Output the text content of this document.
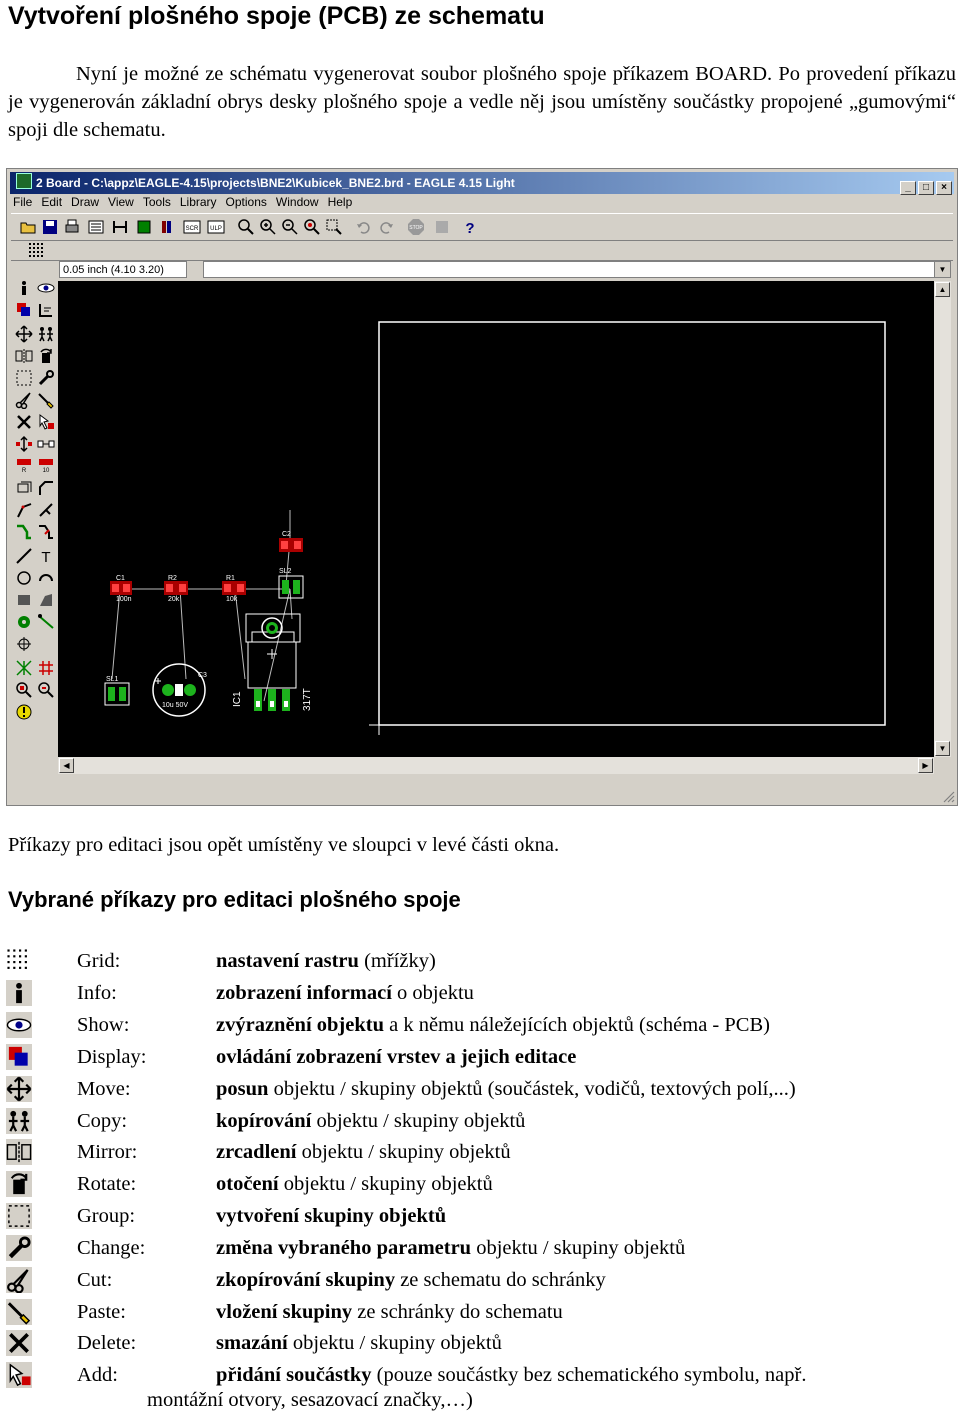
Vytvoření plošného spoje (PCB) ze schematu

Nyní je možné ze schématu vygenerovat soubor plošného spoje příkazem BOARD. Po provedení příkazu je vygenerován základní obrys desky plošného spoje a vedle něj jsou umístěny součástky propojené „gumovými“ spoji dle schematu.

2 Board - C:\appz\EAGLE-4.15\projects\BNE2\Kubicek_BNE2.brd - EAGLE 4.15 Light	_ □ ×
File Edit Draw View Tools Library Options Window Help
SCR ULP	STOP	?
0.05 inch (4.10 3.20)	▼
R	10
T
C1
100n
R2
20k
R1
10k
C2
SL2
IC1	317T
C3
10u 50V
SL1
▲
▼
◀	▶

Příkazy pro editaci jsou opět umístěny ve sloupci v levé části okna.

Vybrané příkazy pro editaci plošného spoje
Grid:	nastavení rastru (mřížky)
Info:	zobrazení informací o objektu
Show:	zvýraznění objektu a k němu náležejících objektů (schéma - PCB)
Display:	ovládání zobrazení vrstev a jejich editace
Move:	posun objektu / skupiny objektů (součástek, vodičů, textových polí,...)
Copy:	kopírování objektu / skupiny objektů
Mirror:	zrcadlení objektu / skupiny objektů
Rotate:	otočení objektu / skupiny objektů
Group:	vytvoření skupiny objektů
Change:	změna vybraného parametru objektu / skupiny objektů
Cut:	zkopírování skupiny ze schematu do schránky
Paste:	vložení skupiny ze schránky do schematu
Delete:	smazání objektu / skupiny objektů
Add:	přidání součástky (pouze součástky bez schematického symbolu, např.
montážní otvory, sesazovací značky,…)
